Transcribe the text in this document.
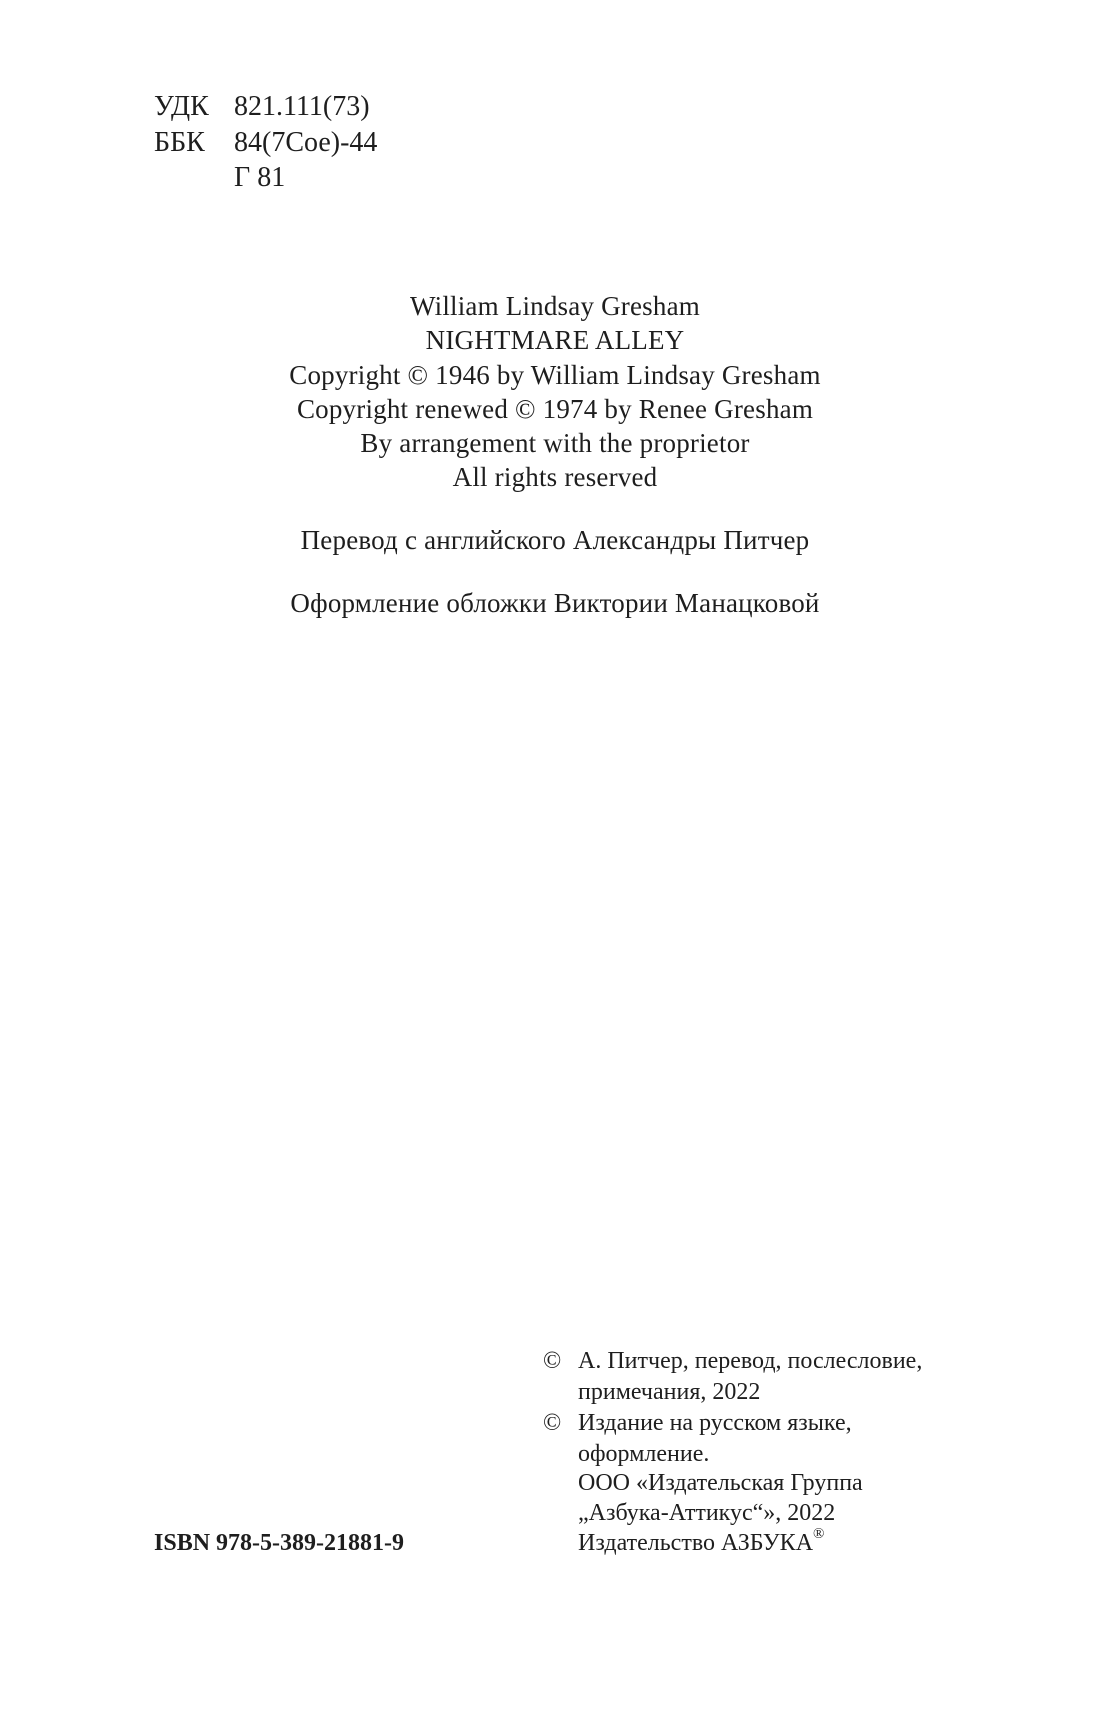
УДК 821.111(73)
ББК 84(7Сое)-44
Г 81
William Lindsay Gresham
NIGHTMARE ALLEY
Copyright © 1946 by William Lindsay Gresham
Copyright renewed © 1974 by Renee Gresham
By arrangement with the proprietor
All rights reserved
Перевод с английского Александры Питчер
Оформление обложки Виктории Манацковой
ISBN 978-5-389-21881-9
© А. Питчер, перевод, послесловие,
примечания, 2022
© Издание на русском языке,
оформление.
ООО «Издательская Группа
„Азбука-Аттикус“», 2022
Издательство АЗБУКА®
